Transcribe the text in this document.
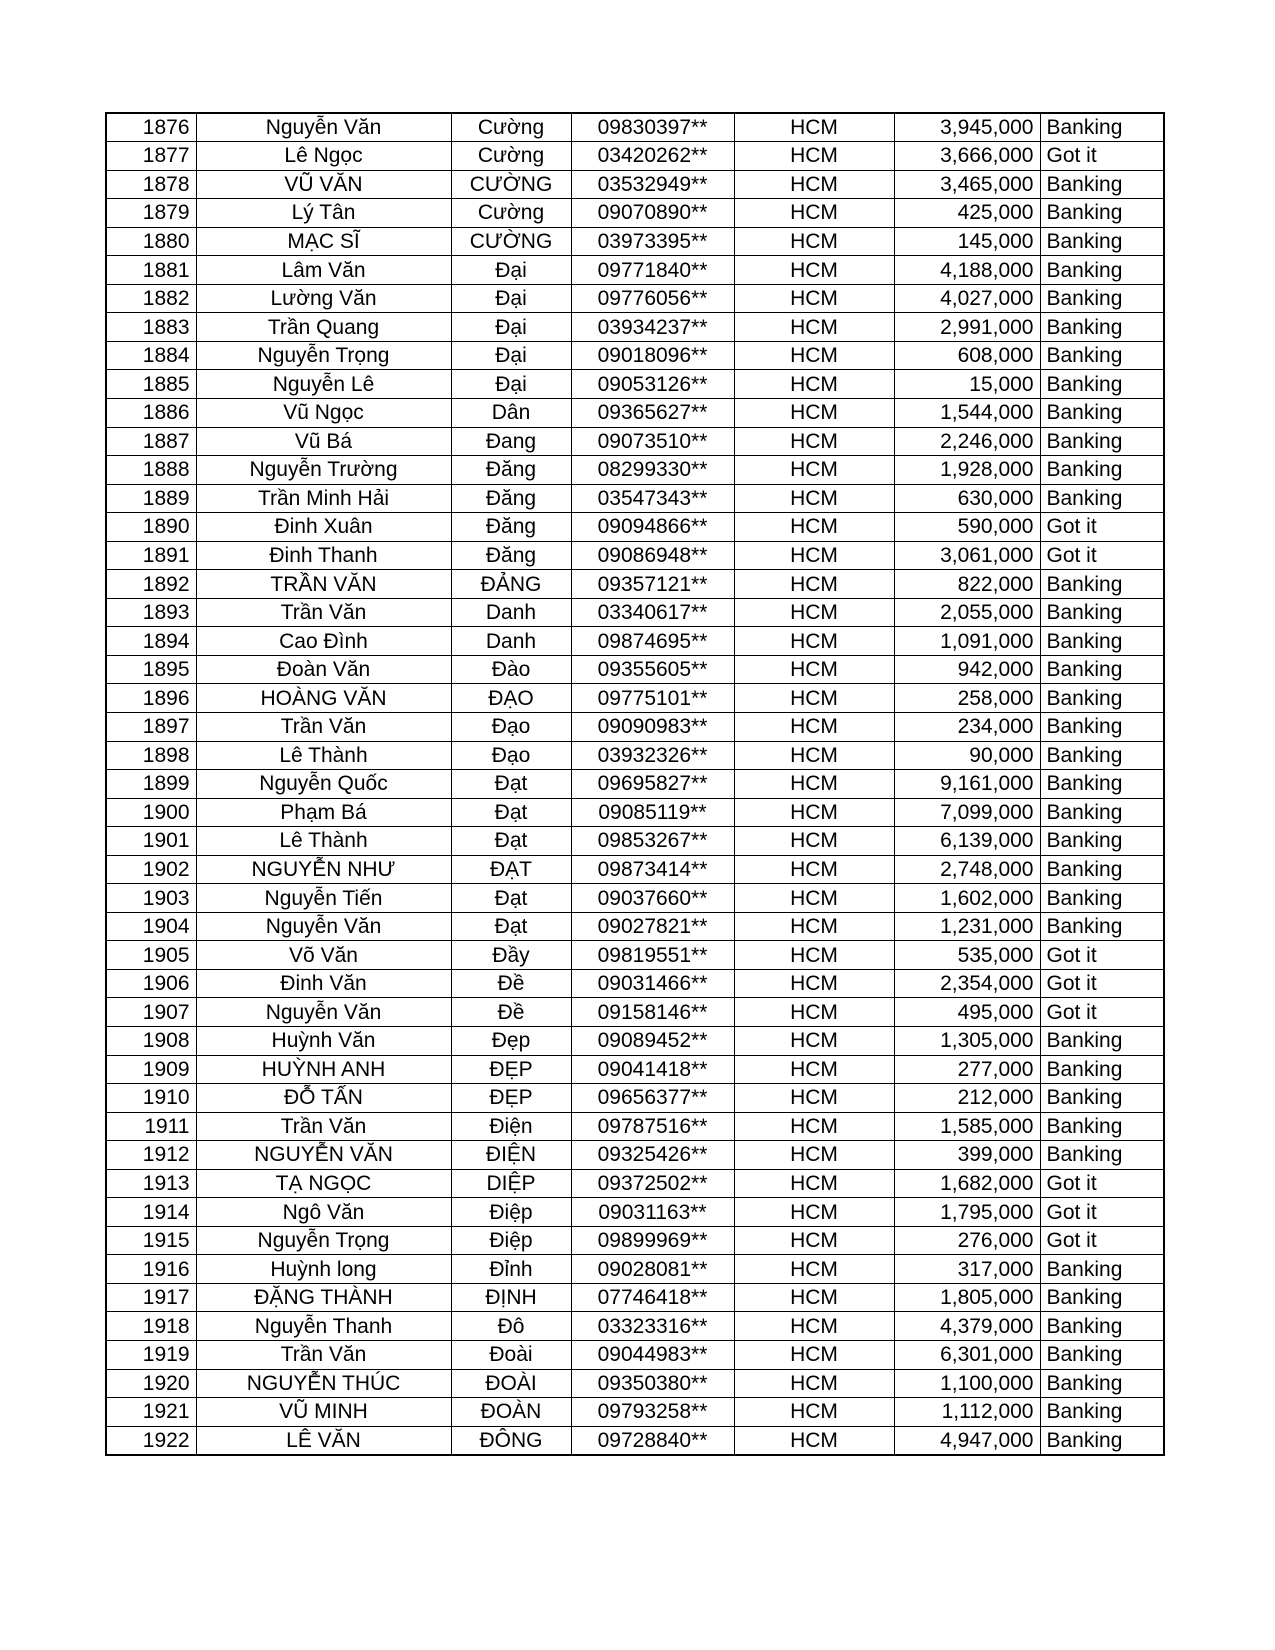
1876	Nguyễn Văn	Cường	09830397**	HCM	3,945,000	Banking
1877	Lê Ngọc	Cường	03420262**	HCM	3,666,000	Got it
1878	VŨ VĂN	CƯỜNG	03532949**	HCM	3,465,000	Banking
1879	Lý Tân	Cường	09070890**	HCM	425,000	Banking
1880	MẠC SĨ	CƯỜNG	03973395**	HCM	145,000	Banking
1881	Lâm Văn	Đại	09771840**	HCM	4,188,000	Banking
1882	Lường Văn	Đại	09776056**	HCM	4,027,000	Banking
1883	Trần Quang	Đại	03934237**	HCM	2,991,000	Banking
1884	Nguyễn Trọng	Đại	09018096**	HCM	608,000	Banking
1885	Nguyễn Lê	Đại	09053126**	HCM	15,000	Banking
1886	Vũ Ngọc	Dân	09365627**	HCM	1,544,000	Banking
1887	Vũ Bá	Đang	09073510**	HCM	2,246,000	Banking
1888	Nguyễn Trường	Đăng	08299330**	HCM	1,928,000	Banking
1889	Trần Minh Hải	Đăng	03547343**	HCM	630,000	Banking
1890	Đinh Xuân	Đăng	09094866**	HCM	590,000	Got it
1891	Đinh Thanh	Đăng	09086948**	HCM	3,061,000	Got it
1892	TRẦN VĂN	ĐẢNG	09357121**	HCM	822,000	Banking
1893	Trần Văn	Danh	03340617**	HCM	2,055,000	Banking
1894	Cao Đình	Danh	09874695**	HCM	1,091,000	Banking
1895	Đoàn Văn	Đào	09355605**	HCM	942,000	Banking
1896	HOÀNG VĂN	ĐẠO	09775101**	HCM	258,000	Banking
1897	Trần Văn	Đạo	09090983**	HCM	234,000	Banking
1898	Lê Thành	Đạo	03932326**	HCM	90,000	Banking
1899	Nguyễn Quốc	Đạt	09695827**	HCM	9,161,000	Banking
1900	Phạm Bá	Đạt	09085119**	HCM	7,099,000	Banking
1901	Lê Thành	Đạt	09853267**	HCM	6,139,000	Banking
1902	NGUYỄN NHƯ	ĐẠT	09873414**	HCM	2,748,000	Banking
1903	Nguyễn Tiến	Đạt	09037660**	HCM	1,602,000	Banking
1904	Nguyễn Văn	Đạt	09027821**	HCM	1,231,000	Banking
1905	Võ Văn	Đầy	09819551**	HCM	535,000	Got it
1906	Đinh Văn	Đề	09031466**	HCM	2,354,000	Got it
1907	Nguyễn Văn	Đề	09158146**	HCM	495,000	Got it
1908	Huỳnh Văn	Đẹp	09089452**	HCM	1,305,000	Banking
1909	HUỲNH ANH	ĐẸP	09041418**	HCM	277,000	Banking
1910	ĐỖ TẤN	ĐẸP	09656377**	HCM	212,000	Banking
1911	Trần Văn	Điện	09787516**	HCM	1,585,000	Banking
1912	NGUYỄN VĂN	ĐIỆN	09325426**	HCM	399,000	Banking
1913	TẠ NGỌC	DIỆP	09372502**	HCM	1,682,000	Got it
1914	Ngô Văn	Điệp	09031163**	HCM	1,795,000	Got it
1915	Nguyễn Trọng	Điệp	09899969**	HCM	276,000	Got it
1916	Huỳnh long	Đỉnh	09028081**	HCM	317,000	Banking
1917	ĐẶNG THÀNH	ĐỊNH	07746418**	HCM	1,805,000	Banking
1918	Nguyễn Thanh	Đô	03323316**	HCM	4,379,000	Banking
1919	Trần Văn	Đoài	09044983**	HCM	6,301,000	Banking
1920	NGUYỄN THÚC	ĐOÀI	09350380**	HCM	1,100,000	Banking
1921	VŨ MINH	ĐOÀN	09793258**	HCM	1,112,000	Banking
1922	LÊ VĂN	ĐÔNG	09728840**	HCM	4,947,000	Banking
